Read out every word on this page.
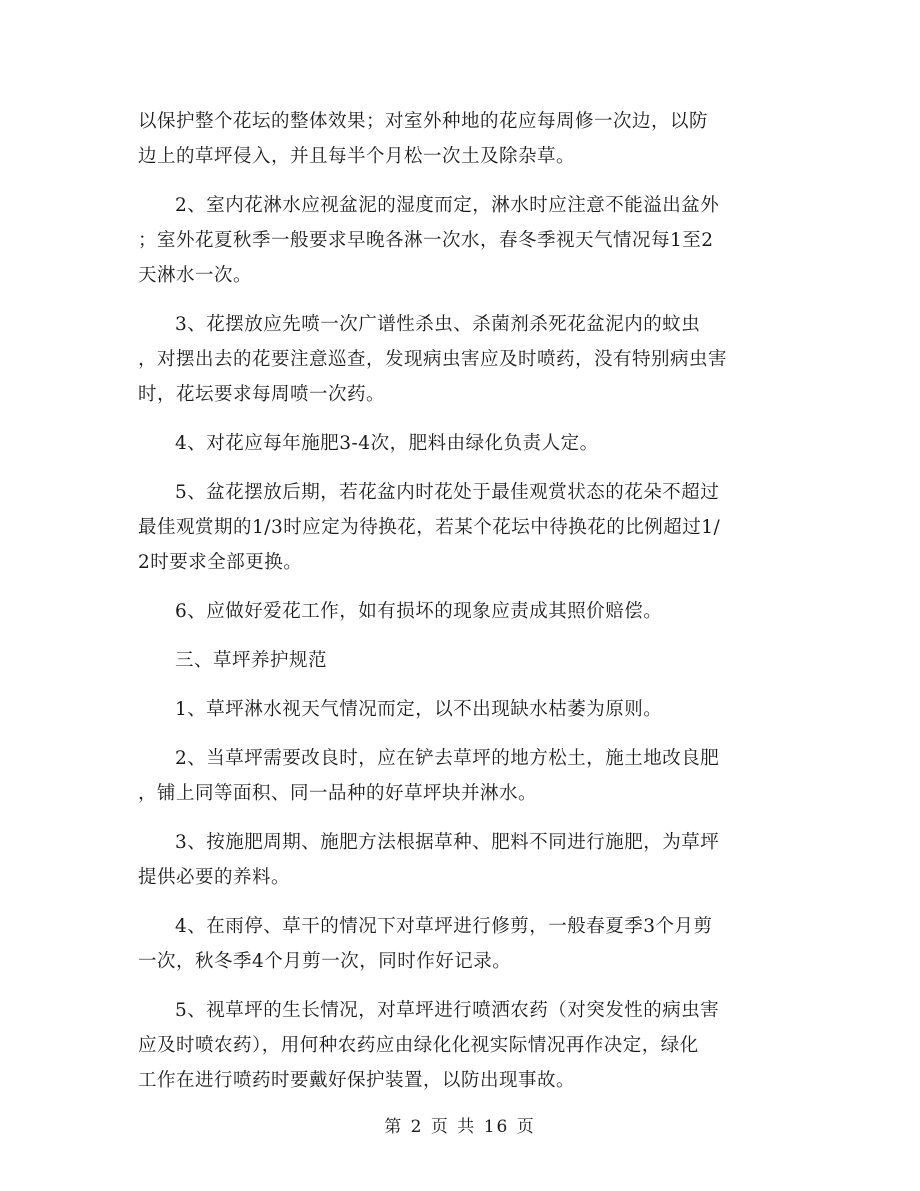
以保护整个花坛的整体效果；对室外种地的花应每周修一次边，以防
边上的草坪侵入，并且每半个月松一次土及除杂草。

2、室内花淋水应视盆泥的湿度而定，淋水时应注意不能溢出盆外
；室外花夏秋季一般要求早晚各淋一次水，春冬季视天气情况每1至2
天淋水一次。

3、花摆放应先喷一次广谱性杀虫、杀菌剂杀死花盆泥内的蚊虫
，对摆出去的花要注意巡查，发现病虫害应及时喷药，没有特别病虫害
时，花坛要求每周喷一次药。

4、对花应每年施肥3-4次，肥料由绿化负责人定。

5、盆花摆放后期，若花盆内时花处于最佳观赏状态的花朵不超过
最佳观赏期的1/3时应定为待换花，若某个花坛中待换花的比例超过1/
2时要求全部更换。

6、应做好爱花工作，如有损坏的现象应责成其照价赔偿。

三、草坪养护规范

1、草坪淋水视天气情况而定，以不出现缺水枯萎为原则。

2、当草坪需要改良时，应在铲去草坪的地方松土，施土地改良肥
，铺上同等面积、同一品种的好草坪块并淋水。

3、按施肥周期、施肥方法根据草种、肥料不同进行施肥，为草坪
提供必要的养料。

4、在雨停、草干的情况下对草坪进行修剪，一般春夏季3个月剪
一次，秋冬季4个月剪一次，同时作好记录。

5、视草坪的生长情况，对草坪进行喷洒农药（对突发性的病虫害
应及时喷农药），用何种农药应由绿化化视实际情况再作决定，绿化
工作在进行喷药时要戴好保护装置，以防出现事故。

第 2 页 共 16 页
